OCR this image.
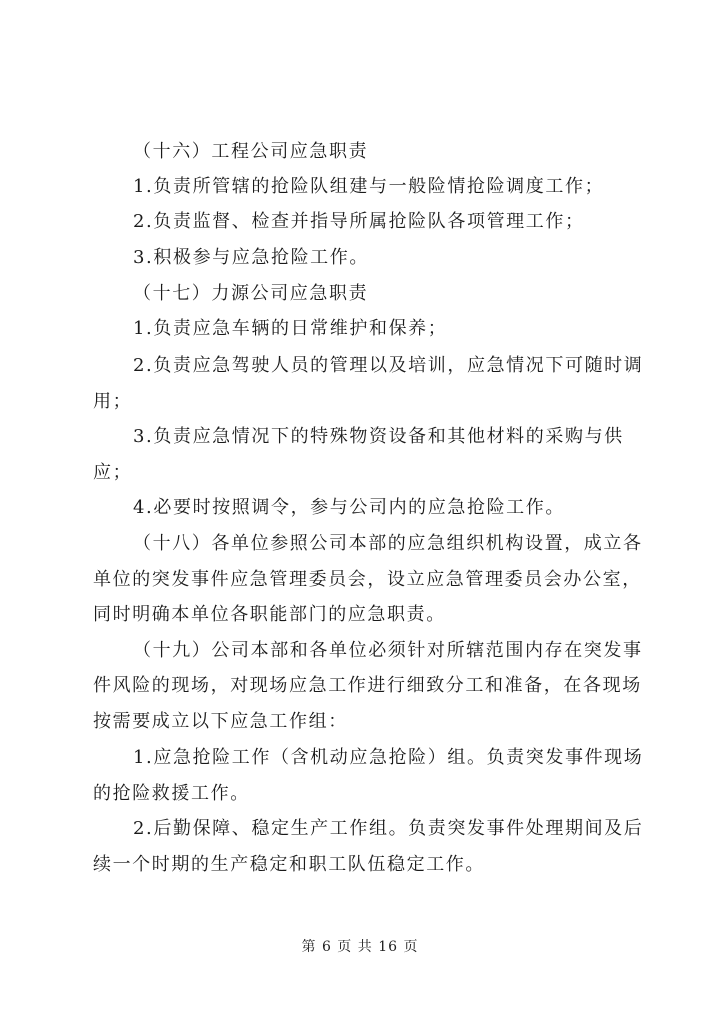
（十六）工程公司应急职责
1.负责所管辖的抢险队组建与一般险情抢险调度工作；
2.负责监督、检查并指导所属抢险队各项管理工作；
3.积极参与应急抢险工作。
（十七）力源公司应急职责
1.负责应急车辆的日常维护和保养；
2.负责应急驾驶人员的管理以及培训，应急情况下可随时调
用；
3.负责应急情况下的特殊物资设备和其他材料的采购与供
应；
4.必要时按照调令，参与公司内的应急抢险工作。
（十八）各单位参照公司本部的应急组织机构设置，成立各
单位的突发事件应急管理委员会，设立应急管理委员会办公室，
同时明确本单位各职能部门的应急职责。
（十九）公司本部和各单位必须针对所辖范围内存在突发事
件风险的现场，对现场应急工作进行细致分工和准备，在各现场
按需要成立以下应急工作组：
1.应急抢险工作（含机动应急抢险）组。负责突发事件现场
的抢险救援工作。
2.后勤保障、稳定生产工作组。负责突发事件处理期间及后
续一个时期的生产稳定和职工队伍稳定工作。
第 6 页 共 16 页
